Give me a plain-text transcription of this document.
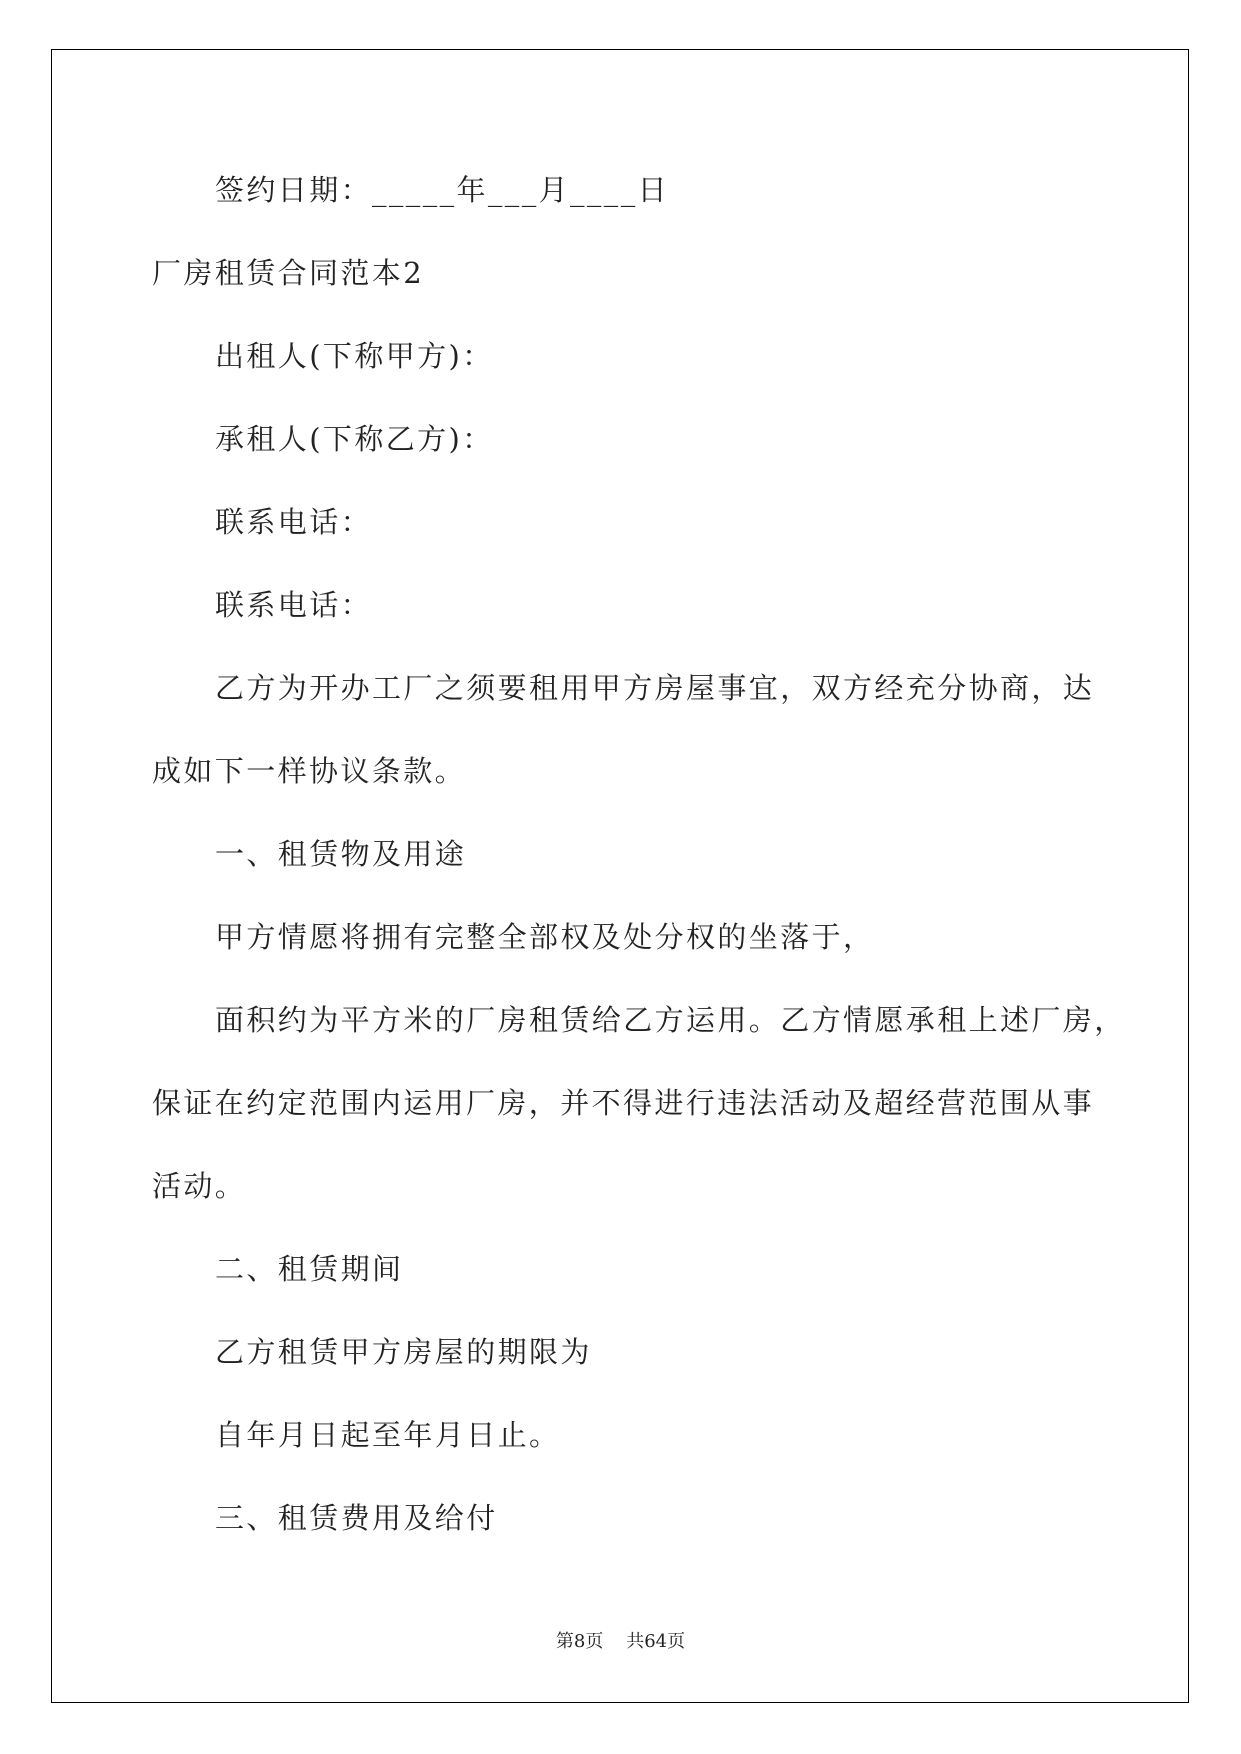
签约日期：_____年___月____日
厂房租赁合同范本2
出租人(下称甲方)：
承租人(下称乙方)：
联系电话：
联系电话：
乙方为开办工厂之须要租用甲方房屋事宜，双方经充分协商，达
成如下一样协议条款。
一、租赁物及用途
甲方情愿将拥有完整全部权及处分权的坐落于，
面积约为平方米的厂房租赁给乙方运用。乙方情愿承租上述厂房，
保证在约定范围内运用厂房，并不得进行违法活动及超经营范围从事
活动。
二、租赁期间
乙方租赁甲方房屋的期限为
自年月日起至年月日止。
三、租赁费用及给付
第8页 共64页
